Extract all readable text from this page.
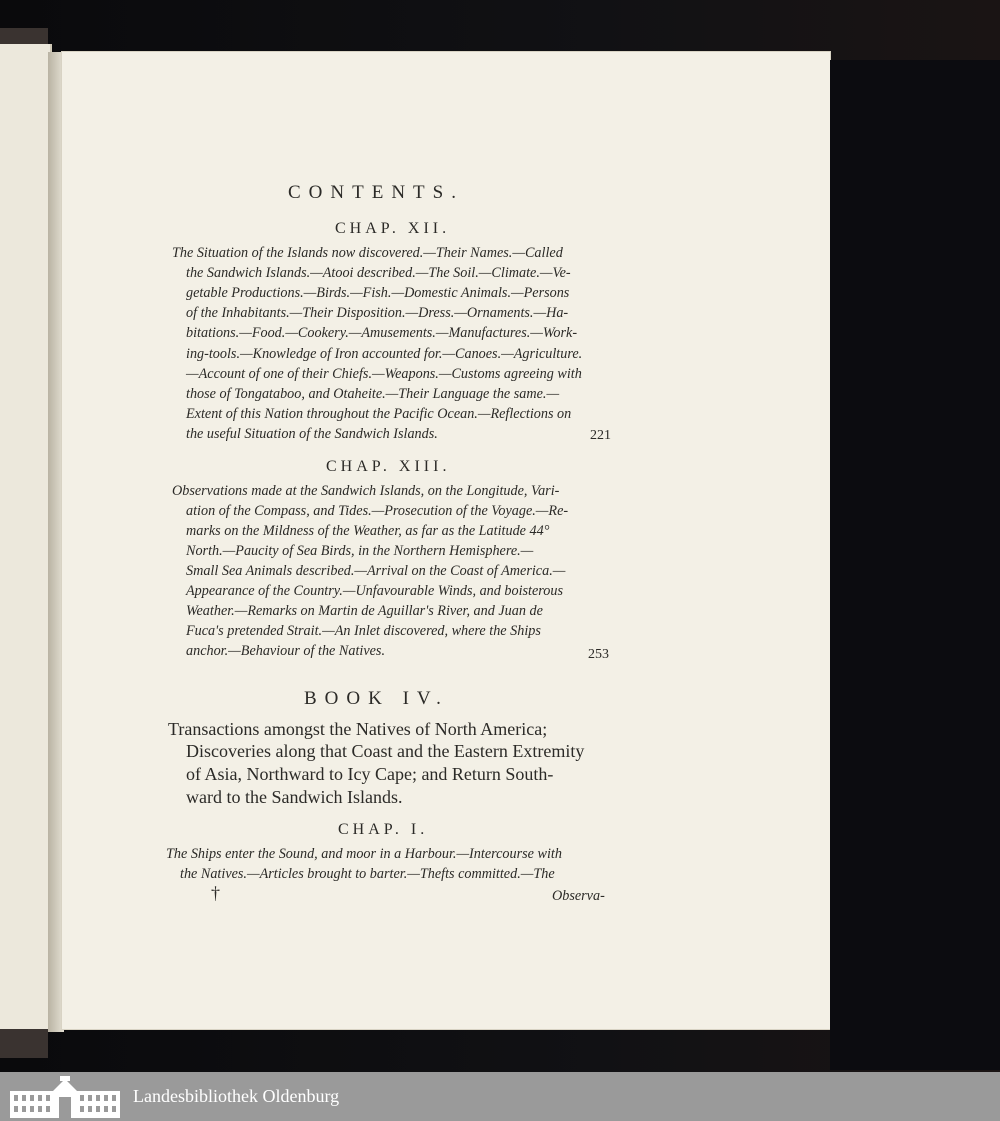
CONTENTS.
CHAP. XII.
The Situation of the Islands now discovered.—Their Names.—Called
the Sandwich Islands.—Atooi described.—The Soil.—Climate.—Ve-
getable Productions.—Birds.—Fish.—Domestic Animals.—Persons
of the Inhabitants.—Their Disposition.—Dress.—Ornaments.—Ha-
bitations.—Food.—Cookery.—Amusements.—Manufactures.—Work-
ing-tools.—Knowledge of Iron accounted for.—Canoes.—Agriculture.
—Account of one of their Chiefs.—Weapons.—Customs agreeing with
those of Tongataboo, and Otaheite.—Their Language the same.—
Extent of this Nation throughout the Pacific Ocean.—Reflections on
the useful Situation of the Sandwich Islands.	221
CHAP. XIII.
Observations made at the Sandwich Islands, on the Longitude, Vari-
ation of the Compass, and Tides.—Prosecution of the Voyage.—Re-
marks on the Mildness of the Weather, as far as the Latitude 44°
North.—Paucity of Sea Birds, in the Northern Hemisphere.—
Small Sea Animals described.—Arrival on the Coast of America.—
Appearance of the Country.—Unfavourable Winds, and boisterous
Weather.—Remarks on Martin de Aguillar's River, and Juan de
Fuca's pretended Strait.—An Inlet discovered, where the Ships
anchor.—Behaviour of the Natives.	253
BOOK IV.
Transactions amongst the Natives of North America;
Discoveries along that Coast and the Eastern Extremity
of Asia, Northward to Icy Cape; and Return South-
ward to the Sandwich Islands.
CHAP. I.
The Ships enter the Sound, and moor in a Harbour.—Intercourse with
the Natives.—Articles brought to barter.—Thefts committed.—The
†	Observa-
Landesbibliothek Oldenburg
